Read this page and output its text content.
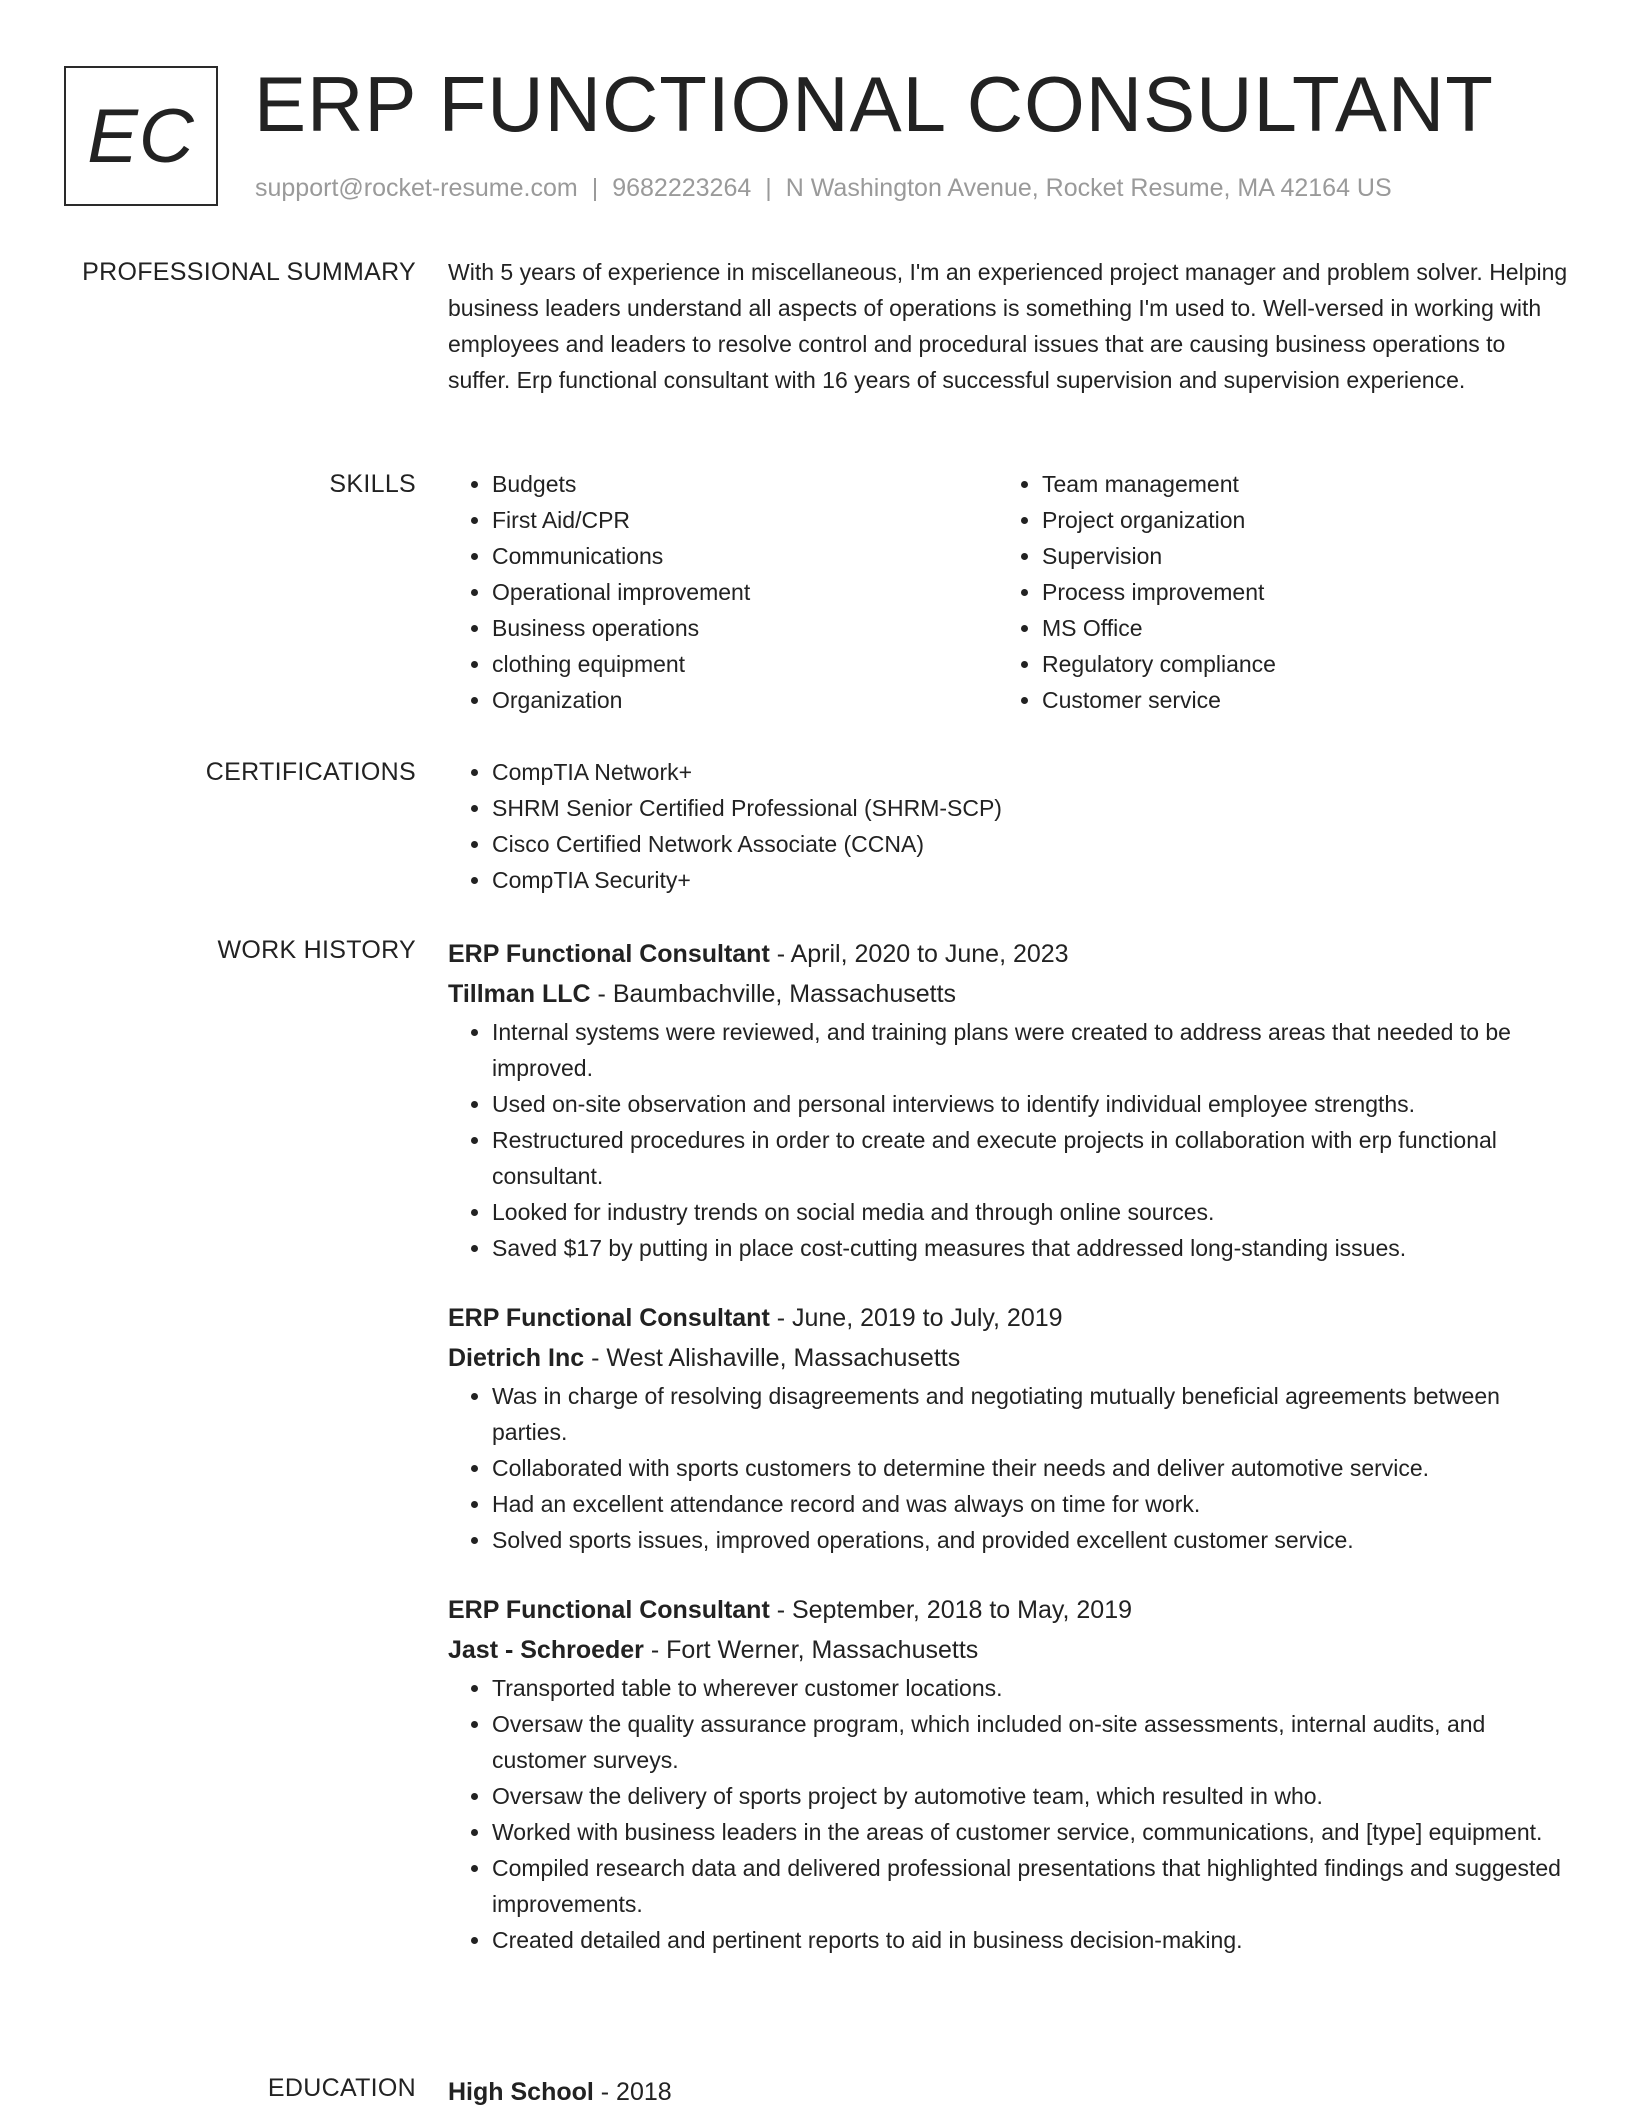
EC ERP FUNCTIONAL CONSULTANT
support@rocket-resume.com | 9682223264 | N Washington Avenue, Rocket Resume, MA 42164 US
PROFESSIONAL SUMMARY With 5 years of experience in miscellaneous, I'm an experienced project manager and problem solver. Helping business leaders understand all aspects of operations is something I'm used to. Well-versed in working with employees and leaders to resolve control and procedural issues that are causing business operations to suffer. Erp functional consultant with 16 years of successful supervision and supervision experience.

SKILLS	• Budgets
• First Aid/CPR
• Communications
• Operational improvement
• Business operations
• clothing equipment
• Organization
• Team management
• Project organization
• Supervision
• Process improvement
• MS Office
• Regulatory compliance
• Customer service
CERTIFICATIONS	• CompTIA Network+
• SHRM Senior Certified Professional (SHRM-SCP)
• Cisco Certified Network Associate (CCNA)
• CompTIA Security+
WORK HISTORY ERP Functional Consultant - April, 2020 to June, 2023
Tillman LLC - Baumbachville, Massachusetts
• Internal systems were reviewed, and training plans were created to address areas that needed to be improved.
• Used on-site observation and personal interviews to identify individual employee strengths.
• Restructured procedures in order to create and execute projects in collaboration with erp functional consultant.
• Looked for industry trends on social media and through online sources.
• Saved $17 by putting in place cost-cutting measures that addressed long-standing issues.
ERP Functional Consultant - June, 2019 to July, 2019
Dietrich Inc - West Alishaville, Massachusetts
• Was in charge of resolving disagreements and negotiating mutually beneficial agreements between parties.
• Collaborated with sports customers to determine their needs and deliver automotive service.
• Had an excellent attendance record and was always on time for work.
• Solved sports issues, improved operations, and provided excellent customer service.
ERP Functional Consultant - September, 2018 to May, 2019
Jast - Schroeder - Fort Werner, Massachusetts
• Transported table to wherever customer locations.
• Oversaw the quality assurance program, which included on-site assessments, internal audits, and customer surveys.
• Oversaw the delivery of sports project by automotive team, which resulted in who.
• Worked with business leaders in the areas of customer service, communications, and [type] equipment.
• Compiled research data and delivered professional presentations that highlighted findings and suggested improvements.
• Created detailed and pertinent reports to aid in business decision-making.
EDUCATION High School - 2018
